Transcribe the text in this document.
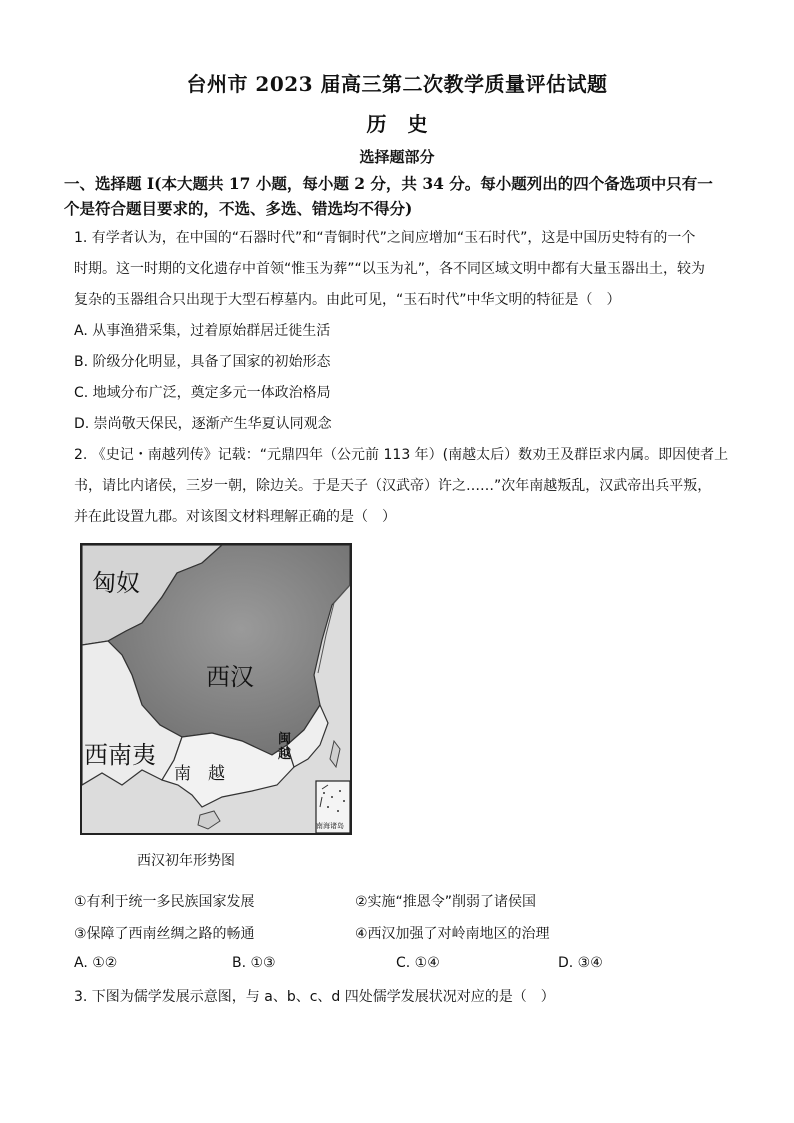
台州市 2023 届高三第二次教学质量评估试题
历 史
选择题部分
一、选择题 I(本大题共 17 小题，每小题 2 分，共 34 分。每小题列出的四个备选项中只有一
个是符合题目要求的，不选、多选、错选均不得分)
1. 有学者认为，在中国的“石器时代”和“青铜时代”之间应增加“玉石时代”，这是中国历史特有的一个
时期。这一时期的文化遗存中首领“惟玉为葬”“以玉为礼”，各不同区域文明中都有大量玉器出土，较为
复杂的玉器组合只出现于大型石椁墓内。由此可见，“玉石时代”中华文明的特征是（　）
A. 从事渔猎采集，过着原始群居迁徙生活
B. 阶级分化明显，具备了国家的初始形态
C. 地域分布广泛，奠定多元一体政治格局
D. 崇尚敬天保民，逐渐产生华夏认同观念
2. 《史记・南越列传》记载：“元鼎四年（公元前 113 年）(南越太后）数劝王及群臣求内属。即因使者上
书，请比内诸侯，三岁一朝，除边关。于是天子（汉武帝）许之……”次年南越叛乱，汉武帝出兵平叛，
并在此设置九郡。对该图文材料理解正确的是（　）
匈奴
西汉
西南夷
南　越
闽
越
南海诸岛
西汉初年形势图
①有利于统一多民族国家发展	②实施“推恩令”削弱了诸侯国
③保障了西南丝绸之路的畅通	④西汉加强了对岭南地区的治理
A. ①②	B. ①③	C. ①④	D. ③④
3. 下图为儒学发展示意图，与 a、b、c、d 四处儒学发展状况对应的是（　）
